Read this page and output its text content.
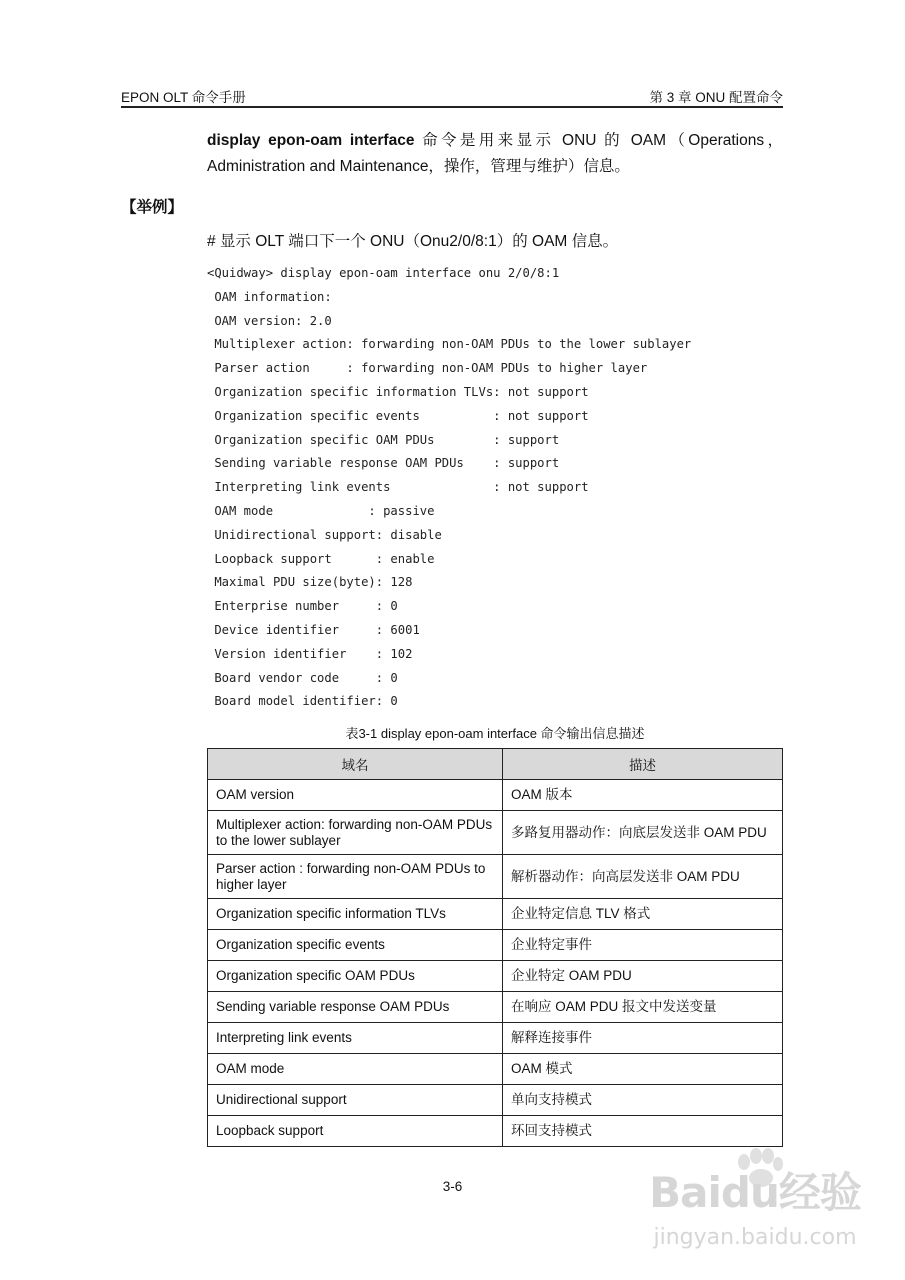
EPON OLT 命令手册	第 3 章 ONU 配置命令
display epon-oam interface 命令是用来显示 ONU 的 OAM（Operations，Administration and Maintenance，操作，管理与维护）信息。
【举例】
# 显示 OLT 端口下一个 ONU（Onu2/0/8:1）的 OAM 信息。
<Quidway> display epon-oam interface onu 2/0/8:1
OAM information:
OAM version: 2.0
Multiplexer action: forwarding non-OAM PDUs to the lower sublayer
Parser action     : forwarding non-OAM PDUs to higher layer
Organization specific information TLVs: not support
Organization specific events          : not support
Organization specific OAM PDUs        : support
Sending variable response OAM PDUs    : support
Interpreting link events              : not support
OAM mode             : passive
Unidirectional support: disable
Loopback support      : enable
Maximal PDU size(byte): 128
Enterprise number     : 0
Device identifier     : 6001
Version identifier    : 102
Board vendor code     : 0
Board model identifier: 0
表3-1 display epon-oam interface 命令输出信息描述
域名	描述
OAM version	OAM 版本
Multiplexer action: forwarding non-OAM PDUs to the lower sublayer	多路复用器动作：向底层发送非 OAM PDU
Parser action : forwarding non-OAM PDUs to higher layer	解析器动作：向高层发送非 OAM PDU
Organization specific information TLVs	企业特定信息 TLV 格式
Organization specific events	企业特定事件
Organization specific OAM PDUs	企业特定 OAM PDU
Sending variable response OAM PDUs	在响应 OAM PDU 报文中发送变量
Interpreting link events	解释连接事件
OAM mode	OAM 模式
Unidirectional support	单向支持模式
Loopback support	环回支持模式
3-6	Baidu经验
jingyan.baidu.com
